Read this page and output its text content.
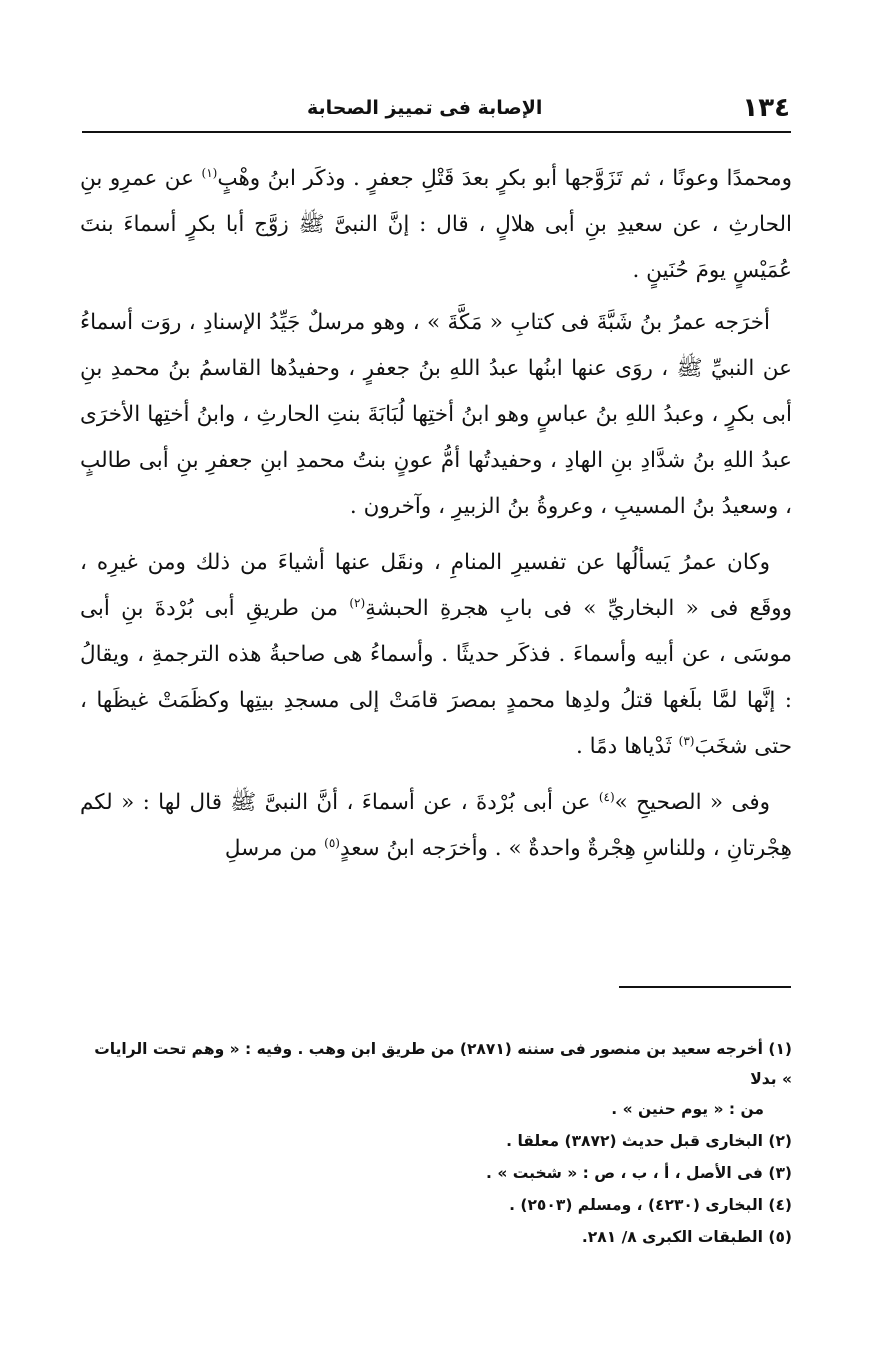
١٣٤
الإصابة فى تمييز الصحابة

ومحمدًا وعونًا ، ثم تَزَوَّجها أبو بكرٍ بعدَ قَتْلِ جعفرٍ . وذكَر ابنُ وهْبٍ$^{(١)}$ عن عمرِو بنِ الحارثِ ، عن سعيدِ بنِ أبى هلالٍ ، قال : إنَّ النبىَّ ﷺ زوَّج أبا بكرٍ أسماءَ بنتَ عُمَيْسٍ يومَ حُنَينٍ .

أخرَجه عمرُ بنُ شَبَّةَ فى كتابِ « مَكَّةَ » ، وهو مرسلٌ جَيِّدُ الإسنادِ ، روَت أسماءُ عن النبيِّ ﷺ ، روَى عنها ابنُها عبدُ اللهِ بنُ جعفرٍ ، وحفيدُها القاسمُ بنُ محمدِ بنِ أبى بكرٍ ، وعبدُ اللهِ بنُ عباسٍ وهو ابنُ أختِها لُبَابَةَ بنتِ الحارثِ ، وابنُ أختِها الأخرَى عبدُ اللهِ بنُ شدَّادِ بنِ الهادِ ، وحفيدتُها أمُّ عونٍ بنتُ محمدِ ابنِ جعفرِ بنِ أبى طالبٍ ، وسعيدُ بنُ المسيبِ ، وعروةُ بنُ الزبيرِ ، وآخرون .

وكان عمرُ يَسألُها عن تفسيرِ المنامِ ، ونقَل عنها أشياءَ من ذلك ومن غيرِه ، ووقَع فى « البخاريِّ » فى بابِ هجرةِ الحبشةِ$^{(٢)}$ من طريقِ أبى بُرْدةَ بنِ أبى موسَى ، عن أبيه وأسماءَ . فذكَر حديثًا . وأسماءُ هى صاحبةُ هذه الترجمةِ ، ويقالُ : إنَّها لمَّا بلَغها قتلُ ولدِها محمدٍ بمصرَ قامَتْ إلى مسجدِ بيتِها وكظَمَتْ غيظَها ، حتى شخَبَ$^{(٣)}$ ثَدْياها دمًا .

وفى « الصحيحِ »$^{(٤)}$ عن أبى بُرْدةَ ، عن أسماءَ ، أنَّ النبىَّ ﷺ قال لها : « لكم هِجْرتانِ ، وللناسِ هِجْرةٌ واحدةٌ » . وأخرَجه ابنُ سعدٍ$^{(٥)}$ من مرسلِ

(١) أخرجه سعيد بن منصور فى سننه (٢٨٧١) من طريق ابن وهب . وفيه : « وهم تحت الرايات » بدلا
من : « يوم حنين » .
(٢) البخارى قبل حديث (٣٨٧٢) معلقا .
(٣) فى الأصل ، أ ، ب ، ص : « شخبت » .
(٤) البخارى (٤٢٣٠) ، ومسلم (٢٥٠٣) .
(٥) الطبقات الكبرى ٨/ ٢٨١.
